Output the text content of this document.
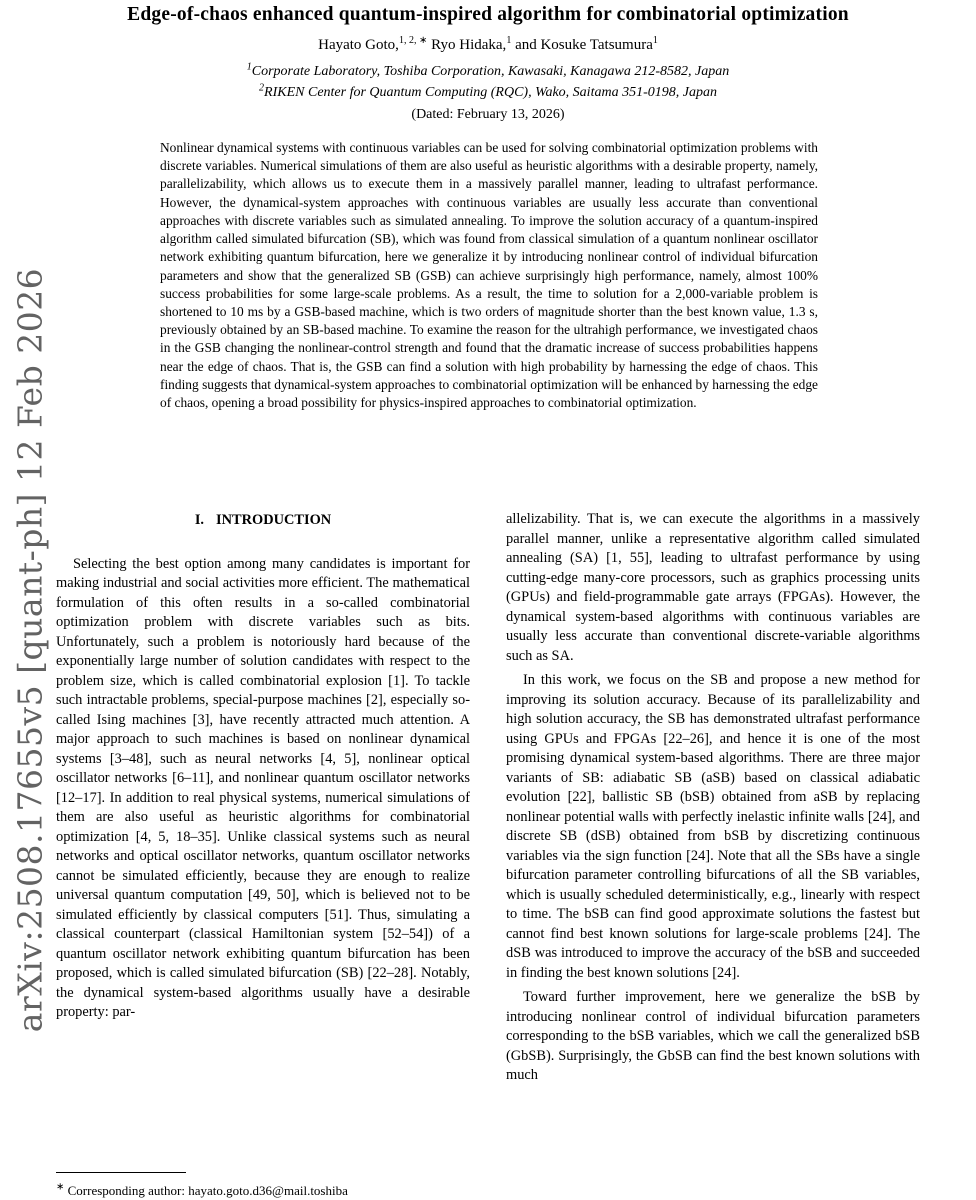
arXiv:2508.17655v5 [quant-ph] 12 Feb 2026
Edge-of-chaos enhanced quantum-inspired algorithm for combinatorial optimization
Hayato Goto,$^{1, 2, ∗}$ Ryo Hidaka,$^1$ and Kosuke Tatsumura$^1$
$^1$Corporate Laboratory, Toshiba Corporation, Kawasaki, Kanagawa 212-8582, Japan
$^2$RIKEN Center for Quantum Computing (RQC), Wako, Saitama 351-0198, Japan
(Dated: February 13, 2026)
Nonlinear dynamical systems with continuous variables can be used for solving combinatorial optimization problems with discrete variables. Numerical simulations of them are also useful as heuristic algorithms with a desirable property, namely, parallelizability, which allows us to execute them in a massively parallel manner, leading to ultrafast performance. However, the dynamical-system approaches with continuous variables are usually less accurate than conventional approaches with discrete variables such as simulated annealing. To improve the solution accuracy of a quantum-inspired algorithm called simulated bifurcation (SB), which was found from classical simulation of a quantum nonlinear oscillator network exhibiting quantum bifurcation, here we generalize it by introducing nonlinear control of individual bifurcation parameters and show that the generalized SB (GSB) can achieve surprisingly high performance, namely, almost 100% success probabilities for some large-scale problems. As a result, the time to solution for a 2,000-variable problem is shortened to 10 ms by a GSB-based machine, which is two orders of magnitude shorter than the best known value, 1.3 s, previously obtained by an SB-based machine. To examine the reason for the ultrahigh performance, we investigated chaos in the GSB changing the nonlinear-control strength and found that the dramatic increase of success probabilities happens near the edge of chaos. That is, the GSB can find a solution with high probability by harnessing the edge of chaos. This finding suggests that dynamical-system approaches to combinatorial optimization will be enhanced by harnessing the edge of chaos, opening a broad possibility for physics-inspired approaches to combinatorial optimization.
I. INTRODUCTION

Selecting the best option among many candidates is important for making industrial and social activities more efficient. The mathematical formulation of this often results in a so-called combinatorial optimization problem with discrete variables such as bits. Unfortunately, such a problem is notoriously hard because of the exponentially large number of solution candidates with respect to the problem size, which is called combinatorial explosion [1]. To tackle such intractable problems, special-purpose machines [2], especially so-called Ising machines [3], have recently attracted much attention. A major approach to such machines is based on nonlinear dynamical systems [3–48], such as neural networks [4, 5], nonlinear optical oscillator networks [6–11], and nonlinear quantum oscillator networks [12–17]. In addition to real physical systems, numerical simulations of them are also useful as heuristic algorithms for combinatorial optimization [4, 5, 18–35]. Unlike classical systems such as neural networks and optical oscillator networks, quantum oscillator networks cannot be simulated efficiently, because they are enough to realize universal quantum computation [49, 50], which is believed not to be simulated efficiently by classical computers [51]. Thus, simulating a classical counterpart (classical Hamiltonian system [52–54]) of a quantum oscillator network exhibiting quantum bifurcation has been proposed, which is called simulated bifurcation (SB) [22–28]. Notably, the dynamical system-based algorithms usually have a desirable property: par-

∗ Corresponding author: hayato.goto.d36@mail.toshiba

allelizability. That is, we can execute the algorithms in a massively parallel manner, unlike a representative algorithm called simulated annealing (SA) [1, 55], leading to ultrafast performance by using cutting-edge many-core processors, such as graphics processing units (GPUs) and field-programmable gate arrays (FPGAs). However, the dynamical system-based algorithms with continuous variables are usually less accurate than conventional discrete-variable algorithms such as SA.

In this work, we focus on the SB and propose a new method for improving its solution accuracy. Because of its parallelizability and high solution accuracy, the SB has demonstrated ultrafast performance using GPUs and FPGAs [22–26], and hence it is one of the most promising dynamical system-based algorithms. There are three major variants of SB: adiabatic SB (aSB) based on classical adiabatic evolution [22], ballistic SB (bSB) obtained from aSB by replacing nonlinear potential walls with perfectly inelastic infinite walls [24], and discrete SB (dSB) obtained from bSB by discretizing continuous variables via the sign function [24]. Note that all the SBs have a single bifurcation parameter controlling bifurcations of all the SB variables, which is usually scheduled deterministically, e.g., linearly with respect to time. The bSB can find good approximate solutions the fastest but cannot find best known solutions for large-scale problems [24]. The dSB was introduced to improve the accuracy of the bSB and succeeded in finding the best known solutions [24].

Toward further improvement, here we generalize the bSB by introducing nonlinear control of individual bifurcation parameters corresponding to the bSB variables, which we call the generalized bSB (GbSB). Surprisingly, the GbSB can find the best known solutions with much
